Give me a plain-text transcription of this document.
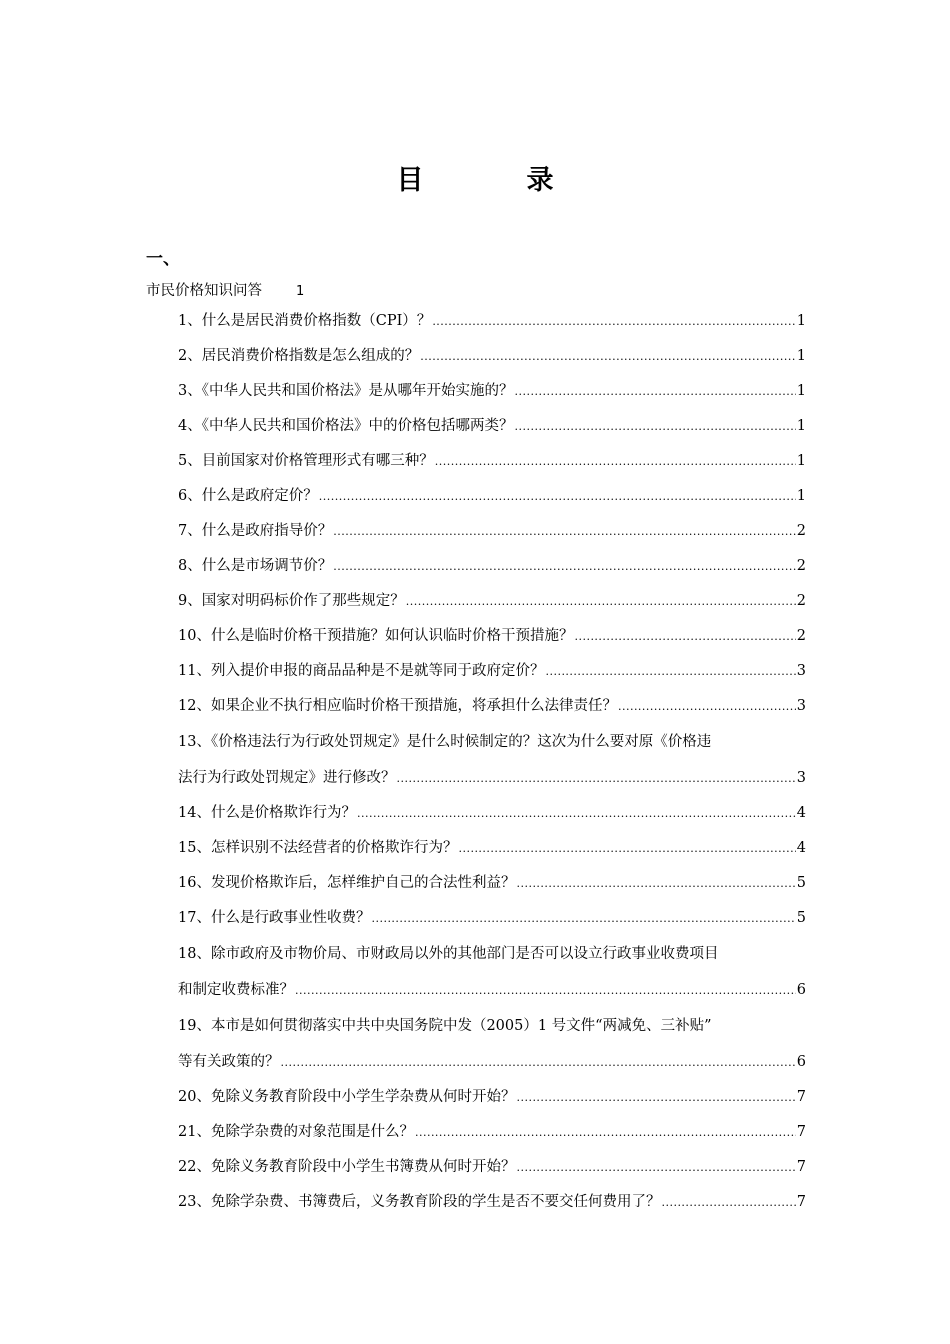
目　录
一、
市民价格知识问答	1
1、什么是居民消费价格指数（CPI）？ .....	1
2、居民消费价格指数是怎么组成的？ .....	1
3、《中华人民共和国价格法》是从哪年开始实施的？ .....	1
4、《中华人民共和国价格法》中的价格包括哪两类？ .....	1
5、目前国家对价格管理形式有哪三种？ .....	1
6、什么是政府定价？ .....	1
7、什么是政府指导价？ .....	2
8、什么是市场调节价？ .....	2
9、国家对明码标价作了那些规定？ .....	2
10、什么是临时价格干预措施？如何认识临时价格干预措施？ .....	2
11、列入提价申报的商品品种是不是就等同于政府定价？ .....	3
12、如果企业不执行相应临时价格干预措施，将承担什么法律责任？ .....	3
13、《价格违法行为行政处罚规定》是什么时候制定的？这次为什么要对原《价格违
法行为行政处罚规定》进行修改？ .....	3
14、什么是价格欺诈行为？ .....	4
15、怎样识别不法经营者的价格欺诈行为？ .....	4
16、发现价格欺诈后，怎样维护自己的合法性利益？ .....	5
17、什么是行政事业性收费？ .....	5
18、除市政府及市物价局、市财政局以外的其他部门是否可以设立行政事业收费项目
和制定收费标准？ .....	6
19、本市是如何贯彻落实中共中央国务院中发（2005）1 号文件“两减免、三补贴”
等有关政策的？ .....	6
20、免除义务教育阶段中小学生学杂费从何时开始？ .....	7
21、免除学杂费的对象范围是什么？ .....	7
22、免除义务教育阶段中小学生书簿费从何时开始？ .....	7
23、免除学杂费、书簿费后，义务教育阶段的学生是否不要交任何费用了？ .....	7
